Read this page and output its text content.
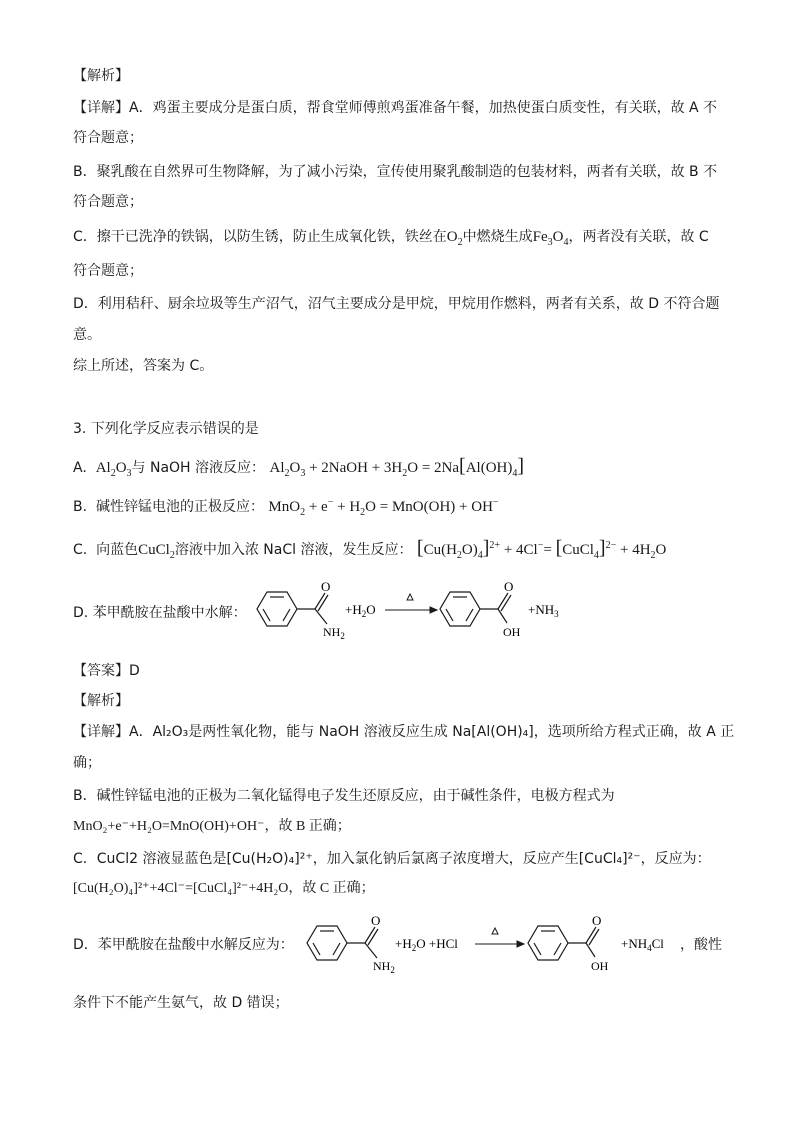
【解析】
【详解】A．鸡蛋主要成分是蛋白质，帮食堂师傅煎鸡蛋准备午餐，加热使蛋白质变性，有关联，故 A 不
符合题意；
B．聚乳酸在自然界可生物降解，为了减小污染，宣传使用聚乳酸制造的包装材料，两者有关联，故 B 不
符合题意；
C．擦干已洗净的铁锅，以防生锈，防止生成氧化铁，铁丝在$O_2$中燃烧生成$Fe_3O_4$，两者没有关联，故 C
符合题意；
D．利用秸秆、厨余垃圾等生产沼气，沼气主要成分是甲烷，甲烷用作燃料，两者有关系，故 D 不符合题
意。
综上所述，答案为 C。
3. 下列化学反应表示错误的是
A. $Al_2O_3$与 NaOH 溶液反应： $Al_2O_3$ + 2NaOH + $3H_2O = 2Na[Al(OH)_4]$
B. 碱性锌锰电池的正极反应： $MnO_2 + e^- + H_2O = MnO(OH) + OH^-$
C. 向蓝色CuCl$_2$溶液中加入浓 NaCl 溶液，发生反应： $[Cu(H_2O)_4]^{2+} + 4Cl^-=$ [CuCl$_4$]$^{2-}$ + $4H_2O$
D. 苯甲酰胺在盐酸中水解：
O
$NH_2$
$+H_2O$
O
OH
$+NH_3$
【答案】D
【解析】
【详解】A．Al₂O₃是两性氧化物，能与 NaOH 溶液反应生成 Na[Al(OH)₄]，选项所给方程式正确，故 A 正
确；
B．碱性锌锰电池的正极为二氧化锰得电子发生还原反应，由于碱性条件，电极方程式为
MnO₂+e⁻+H₂O=MnO(OH)+OH⁻，故 B 正确；
C．CuCl2 溶液显蓝色是[Cu(H₂O)₄]²⁺，加入氯化钠后氯离子浓度增大，反应产生[CuCl₄]²⁻，反应为：
[Cu(H₂O)₄]²⁺+4Cl⁻=[CuCl₄]²⁻+4H₂O，故 C 正确；
D．苯甲酰胺在盐酸中水解反应为：
O
$NH_2$
$+H_2O +HCl$
O
OH
$+NH_4Cl$ ，酸性
条件下不能产生氨气，故 D 错误；
